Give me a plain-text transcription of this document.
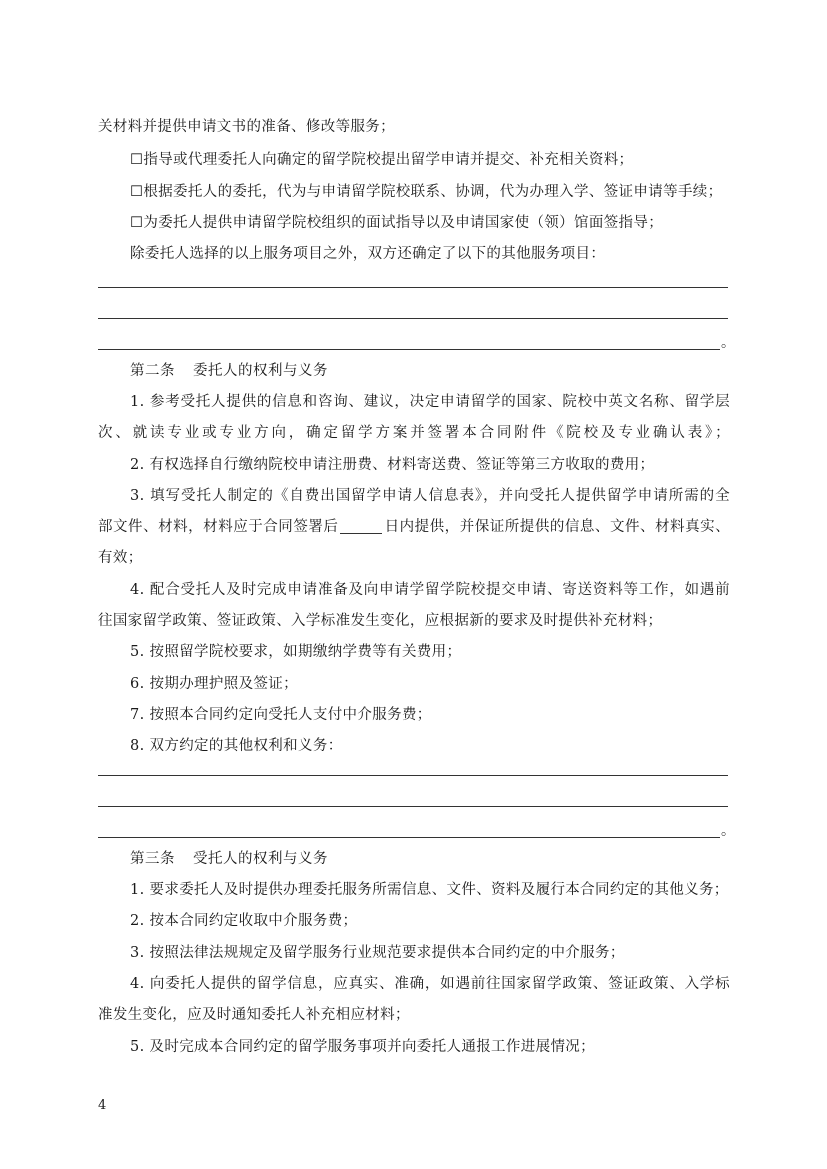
关材料并提供申请文书的准备、修改等服务；
☐指导或代理委托人向确定的留学院校提出留学申请并提交、补充相关资料；
☐根据委托人的委托，代为与申请留学院校联系、协调，代为办理入学、签证申请等手续；
☐为委托人提供申请留学院校组织的面试指导以及申请国家使（领）馆面签指导；
除委托人选择的以上服务项目之外，双方还确定了以下的其他服务项目：
。
第二条 委托人的权利与义务
1. 参考受托人提供的信息和咨询、建议，决定申请留学的国家、院校中英文名称、留学层
次、就读专业或专业方向，确定留学方案并签署本合同附件《院校及专业确认表》；
2. 有权选择自行缴纳院校申请注册费、材料寄送费、签证等第三方收取的费用；
3. 填写受托人制定的《自费出国留学申请人信息表》，并向受托人提供留学申请所需的全
部文件、材料，材料应于合同签署后	日内提供，并保证所提供的信息、文件、材料真实、
有效；
4. 配合受托人及时完成申请准备及向申请学留学院校提交申请、寄送资料等工作，如遇前
往国家留学政策、签证政策、入学标准发生变化，应根据新的要求及时提供补充材料；
5. 按照留学院校要求，如期缴纳学费等有关费用；
6. 按期办理护照及签证；
7. 按照本合同约定向受托人支付中介服务费；
8. 双方约定的其他权利和义务：
。
第三条 受托人的权利与义务
1. 要求委托人及时提供办理委托服务所需信息、文件、资料及履行本合同约定的其他义务；
2. 按本合同约定收取中介服务费；
3. 按照法律法规规定及留学服务行业规范要求提供本合同约定的中介服务；
4. 向委托人提供的留学信息，应真实、准确，如遇前往国家留学政策、签证政策、入学标
准发生变化，应及时通知委托人补充相应材料；
5. 及时完成本合同约定的留学服务事项并向委托人通报工作进展情况；
4
